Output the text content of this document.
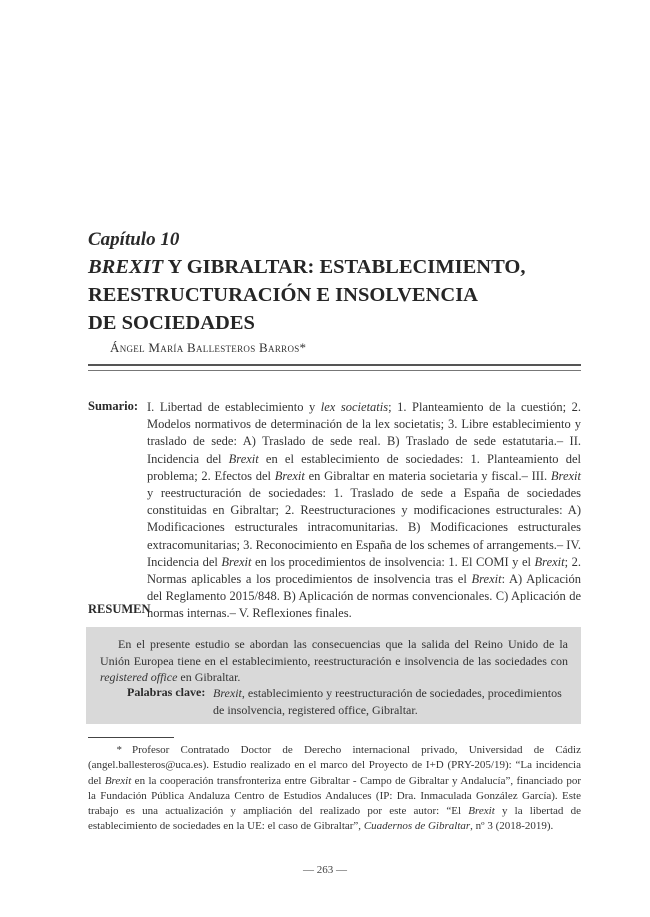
Capítulo 10
BREXIT Y GIBRALTAR: ESTABLECIMIENTO,
REESTRUCTURACIÓN E INSOLVENCIA
DE SOCIEDADES
Ángel María Ballesteros Barros*
Sumario: I. Libertad de establecimiento y lex societatis; 1. Planteamiento de la cuestión; 2. Modelos normativos de determinación de la lex societatis; 3. Libre establecimiento y traslado de sede: A) Traslado de sede real. B) Traslado de sede estatutaria.– II. Incidencia del Brexit en el establecimiento de sociedades: 1. Planteamiento del problema; 2. Efectos del Brexit en Gibraltar en materia societaria y fiscal.– III. Brexit y reestructuración de sociedades: 1. Traslado de sede a España de sociedades constituidas en Gibraltar; 2. Reestructuraciones y modificaciones estructurales: A) Modificaciones estructurales intracomunitarias. B) Modificaciones estructurales extracomunitarias; 3. Reconocimiento en España de los schemes of arrangements.– IV. Incidencia del Brexit en los procedimientos de insolvencia: 1. El COMI y el Brexit; 2. Normas aplicables a los procedimientos de insolvencia tras el Brexit: A) Aplicación del Reglamento 2015/848. B) Aplicación de normas convencionales. C) Aplicación de normas internas.– V. Reflexiones finales.
RESUMEN
En el presente estudio se abordan las consecuencias que la salida del Reino Unido de la Unión Europea tiene en el establecimiento, reestructuración e insolvencia de las sociedades con registered office en Gibraltar.
Palabras clave: Brexit, establecimiento y reestructuración de sociedades, procedimientos de insolvencia, registered office, Gibraltar.
* Profesor Contratado Doctor de Derecho internacional privado, Universidad de Cádiz (angel.ballesteros@uca.es). Estudio realizado en el marco del Proyecto de I+D (PRY-205/19): “La incidencia del Brexit en la cooperación transfronteriza entre Gibraltar - Campo de Gibraltar y Andalucía”, financiado por la Fundación Pública Andaluza Centro de Estudios Andaluces (IP: Dra. Inmaculada González García). Este trabajo es una actualización y ampliación del realizado por este autor: “El Brexit y la libertad de establecimiento de sociedades en la UE: el caso de Gibraltar”, Cuadernos de Gibraltar, nº 3 (2018-2019).
— 263 —
